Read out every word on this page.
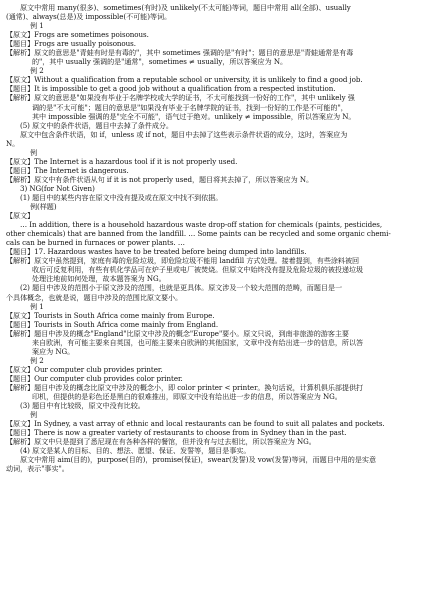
原文中常用 many(很多)、sometimes(有时)及 unlikely(不太可能)等词，题目中常用 all(全部)、usually
(通常)、always(总是)及 impossible(不可能)等词。
例 1
【原文】Frogs are sometimes poisonous.
【题目】Frogs are usually poisonous.
【解析】原文的意思是"青蛙有时是有毒的"，其中 sometimes 强调的是"有时"；题目的意思是"青蛙通常是有毒
的"，其中 usually 强调的是"通常"，sometimes ≠ usually，所以答案应为 N。
例 2
【原文】Without a qualification from a reputable school or university, it is unlikely to find a good job.
【题目】It is impossible to get a good job without a qualification from a respected institution.
【解析】原文的意思是"如果没有毕业于名牌学校或大学的证书，不太可能找到一份好的工作"，其中 unlikely 强
调的是"不太可能"；题目的意思是"如果没有毕业于名牌学院的证书，找到一份好的工作是不可能的"，
其中 impossible 强调的是"完全不可能"，语气过于绝对。unlikely ≠ impossible，所以答案应为 N。
(5) 原文中的条件状语，题目中去掉了条件成分。
原文中包含条件状语，如 if，unless 或 if not，题目中去掉了这些表示条件状语的成分，这时，答案应为
N。
例
【原文】The Internet is a hazardous tool if it is not properly used.
【题目】The Internet is dangerous.
【解析】原文中有条件状语从句 if it is not properly used，题目将其去掉了，所以答案应为 N。
3) NG(for Not Given)
(1) 题目中的某些内容在原文中没有提及或在原文中找不到依据。
例(样题)
【原文】
… In addition, there is a household hazardous waste drop-off station for chemicals (paints, pesticides,
other chemicals) that are banned from the landfill. … Some paints can be recycled and some organic chemi-
cals can be burned in furnaces or power plants. …
【题目】17. Hazardous wastes have to be treated before being dumped into landfills.
【解析】原文中虽然提到，家庭有毒的危险垃圾，即危险垃圾不能用 landfill 方式处理。接着提到，有些涂料被回
收后可反复利用，有些有机化学品可在炉子里或电厂被焚烧。但原文中始终没有提及危险垃圾的被投递垃圾
处理注地前如何处理，故本题答案为 NG。
(2) 题目中涉及的范围小于原文涉及的范围，也就是更具体。原文涉及一个较大范围的范畴，而题目是一
个具体概念，也就是说，题目中涉及的范围比原文要小。
例 1
【原文】Tourists in South Africa come mainly from Europe.
【题目】Tourists in South Africa come mainly from England.
【解析】题目中涉及的概念"England"比原文中涉及的概念"Europe"要小。原文只说，到南非旅游的游客主要
来自欧洲，有可能主要来自英国，也可能主要来自欧洲的其他国家，文章中没有给出进一步的信息，所以答
案应为 NG。
例 2
【原文】Our computer club provides printer.
【题目】Our computer club provides color printer.
【解析】题目中涉及的概念比原文中涉及的概念小，即 color printer < printer。换句话说，计算机俱乐部提供打
印机，但提供的是彩色还是黑白的很难推出，即原文中没有给出进一步的信息，所以答案应为 NG。
(3) 题目中有比较级，原文中没有比较。
例
【原文】In Sydney, a vast array of ethnic and local restaurants can be found to suit all palates and pockets.
【题目】There is now a greater variety of restaurants to choose from in Sydney than in the past.
【解析】原文中只是提到了悉尼现在有各种各样的餐馆，但并没有与过去相比，所以答案应为 NG。
(4) 原文是某人的目标、目的、想法、愿望、保证、发誓等，题目是事实。
原文中常用 aim(目的)，purpose(目的)，promise(保证)，swear(发誓)及 vow(发誓)等词，而题目中用的是实意
动词，表示"事实"。
